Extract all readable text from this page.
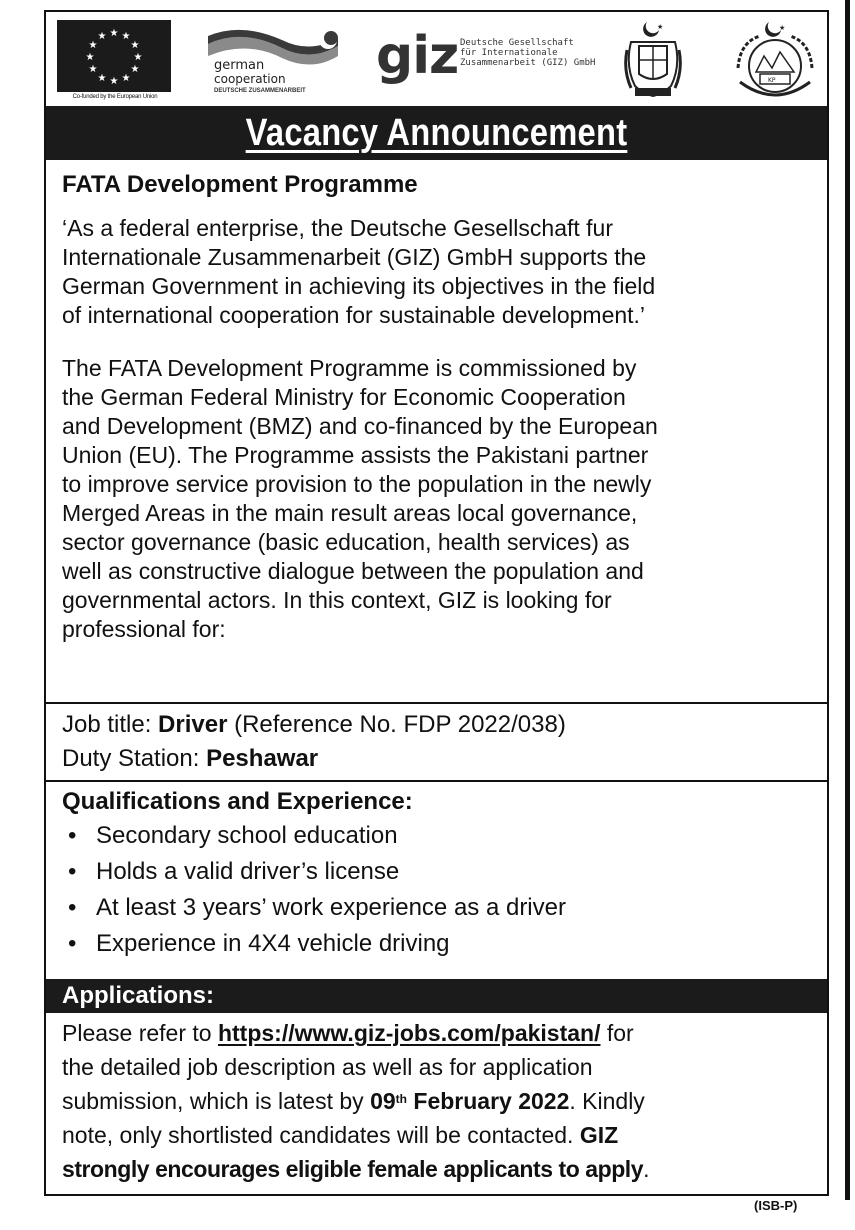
★ ★
★
★
★
★
★
★
★
★
★
★
Co-funded by the European Union
★
german
cooperation
DEUTSCHE ZUSAMMENARBEIT
giz Deutsche Gesellschaft
für Internationale
Zusammenarbeit (GIZ) GmbH
★	★
KP
Vacancy Announcement
FATA Development Programme
‘As a federal enterprise, the Deutsche Gesellschaft fur
Internationale Zusammenarbeit (GIZ) GmbH supports the
German Government in achieving its objectives in the field
of international cooperation for sustainable development.’
The FATA Development Programme is commissioned by
the German Federal Ministry for Economic Cooperation
and Development (BMZ) and co-financed by the European
Union (EU). The Programme assists the Pakistani partner
to improve service provision to the population in the newly
Merged Areas in the main result areas local governance,
sector governance (basic education, health services) as
well as constructive dialogue between the population and
governmental actors. In this context, GIZ is looking for
professional for:
Job title: Driver (Reference No. FDP 2022/038)
Duty Station: Peshawar
Qualifications and Experience:
• Secondary school education
• Holds a valid driver’s license
• At least 3 years’ work experience as a driver
• Experience in 4X4 vehicle driving
Applications:
Please refer to https://www.giz-jobs.com/pakistan/ for
the detailed job description as well as for application
submission, which is latest by 09th February 2022. Kindly
note, only shortlisted candidates will be contacted. GIZ
strongly encourages eligible female applicants to apply.
(ISB-P)
